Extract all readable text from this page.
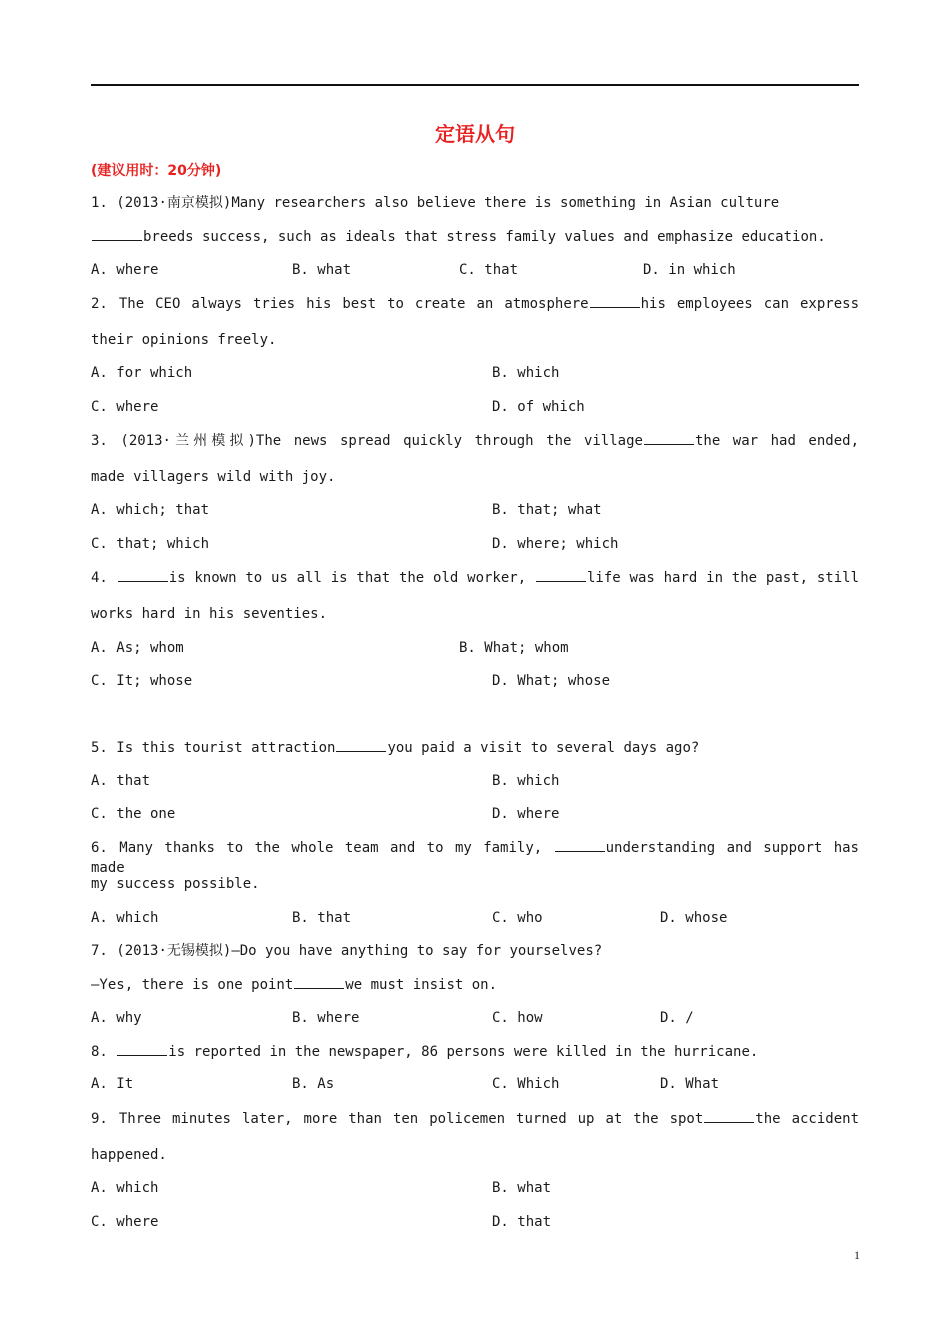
定语从句
(建议用时：20分钟)
1. (2013·南京模拟)Many researchers also believe there is something in Asian culture
breeds success, such as ideals that stress family values and emphasize education.
A. where	B. what	C. that	D. in which
2. The CEO always tries his best to create an atmosphere	his employees can express
their opinions freely.
A. for which	B. which
C. where	D. of which
3. (2013·兰州模拟)The news spread quickly through the village	the war had ended,
made villagers wild with joy.
A. which; that	B. that; what
C. that; which	D. where; which
4.	is known to us all is that the old worker,	life was hard in the past, still
works hard in his seventies.
A. As; whom	B. What; whom
C. It; whose	D. What; whose
5. Is this tourist attraction	you paid a visit to several days ago?
A. that	B. which
C. the one	D. where
6. Many thanks to the whole team and to my family,	understanding and support has made
my success possible.
A. which	B. that	C. who	D. whose
7. (2013·无锡模拟)—Do you have anything to say for yourselves?
—Yes, there is one point	we must insist on.
A. why	B. where	C. how	D. /
8.	is reported in the newspaper, 86 persons were killed in the hurricane.
A. It	B. As	C. Which	D. What
9. Three minutes later, more than ten policemen turned up at the spot	the accident
happened.
A. which	B. what
C. where	D. that
1
